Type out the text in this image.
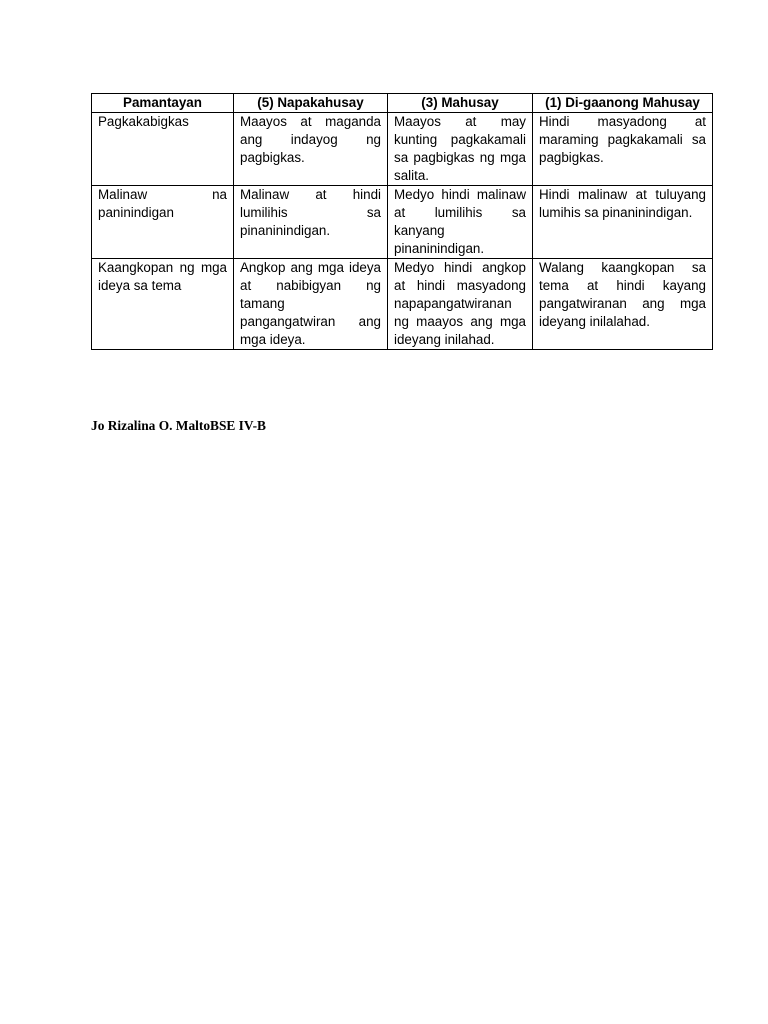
Pamantayan	(5) Napakahusay	(3) Mahusay	(1) Di-gaanong Mahusay
Pagkakabigkas	Maayos at maganda ang indayog ng pagbigkas.	Maayos at may kunting pagkakamali sa pagbigkas ng mga salita.	Hindi masyadong at maraming pagkakamali sa pagbigkas.
Malinaw na paninindigan	Malinaw at hindi lumilihis sa pinaninindigan.	Medyo hindi malinaw at lumilihis sa kanyang pinaninindigan.	Hindi malinaw at tuluyang lumihis sa pinaninindigan.
Kaangkopan ng mga ideya sa tema	Angkop ang mga ideya at nabibigyan ng tamang pangangatwiran ang mga ideya.	Medyo hindi angkop at hindi masyadong napapangatwiranan ng maayos ang mga ideyang inilahad.	Walang kaangkopan sa tema at hindi kayang pangatwiranan ang mga ideyang inilalahad.
Jo Rizalina O. MaltoBSE IV-B
